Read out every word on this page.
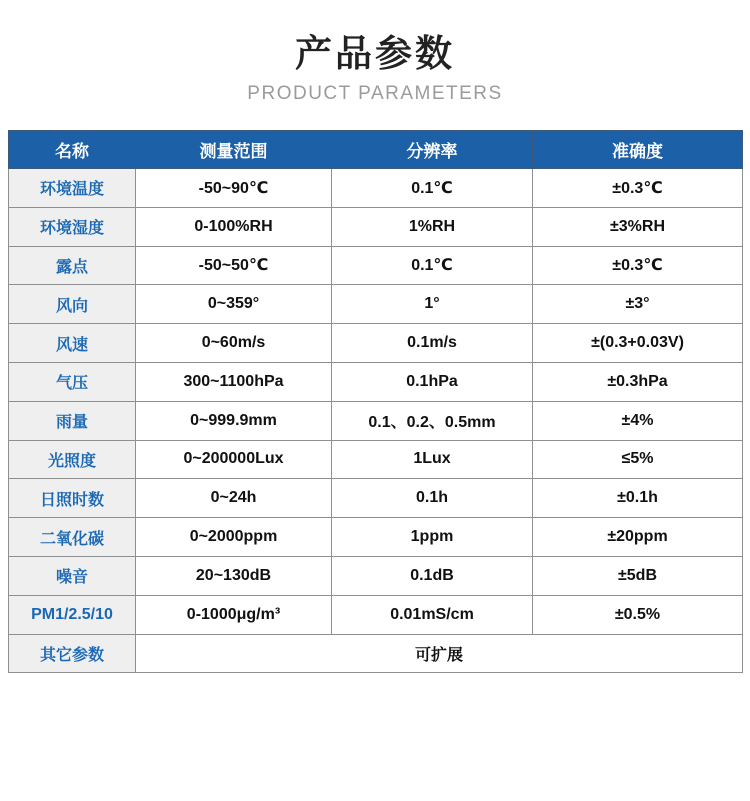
产品参数
PRODUCT PARAMETERS
名称	测量范围	分辨率	准确度
环境温度	-50~90℃	0.1℃	±0.3℃
环境湿度	0-100%RH	1%RH	±3%RH
露点	-50~50℃	0.1℃	±0.3℃
风向	0~359°	1°	±3°
风速	0~60m/s	0.1m/s	±(0.3+0.03V)
气压	300~1100hPa	0.1hPa	±0.3hPa
雨量	0~999.9mm	0.1、0.2、0.5mm	±4%
光照度	0~200000Lux	1Lux	≤5%
日照时数	0~24h	0.1h	±0.1h
二氧化碳	0~2000ppm	1ppm	±20ppm
噪音	20~130dB	0.1dB	±5dB
PM1/2.5/10	0-1000μg/m³	0.01mS/cm	±0.5%
其它参数	可扩展		
